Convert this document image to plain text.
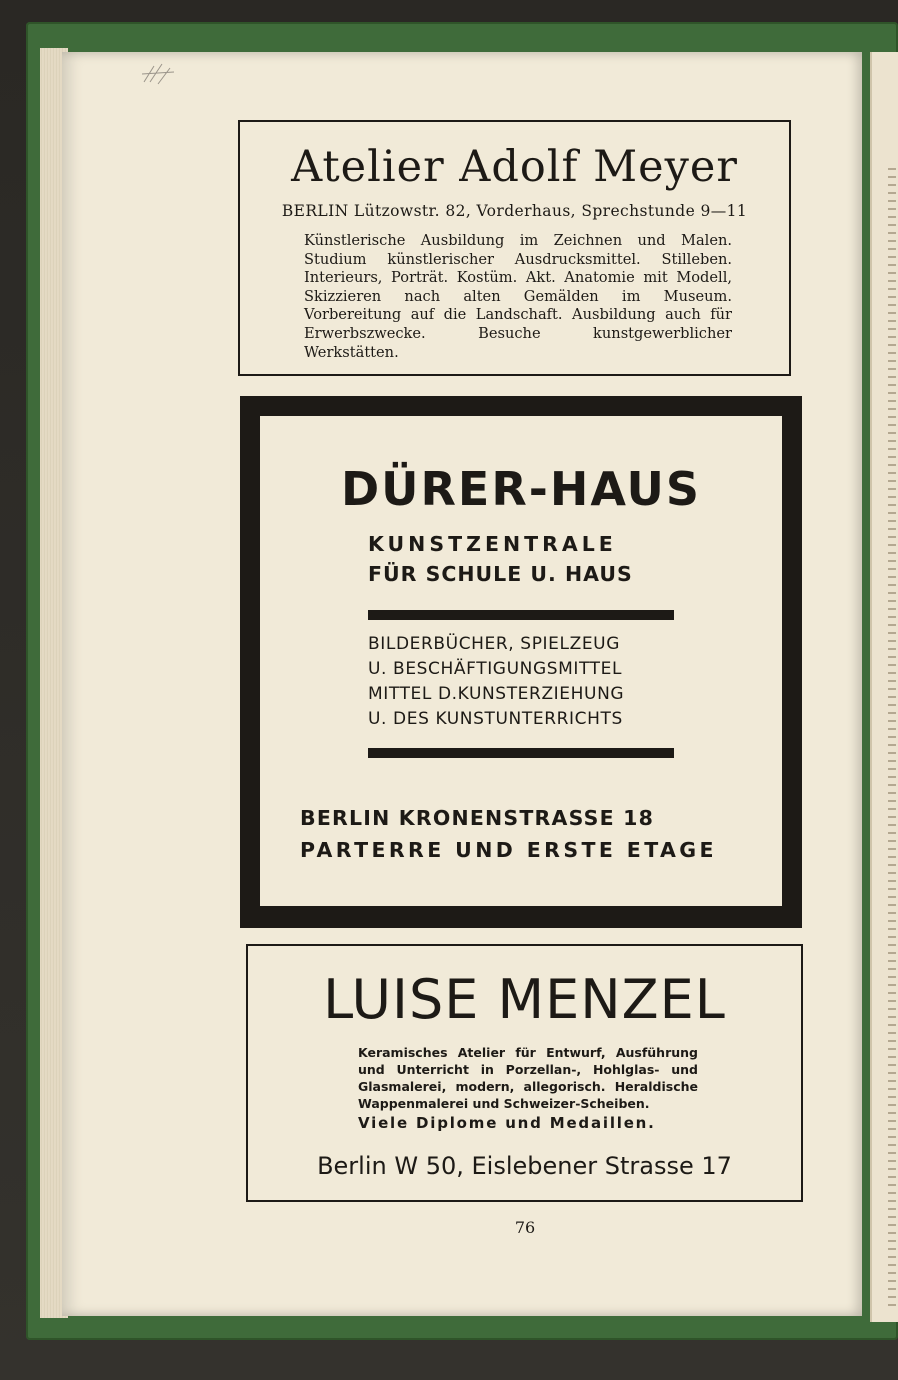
Atelier Adolf Meyer
BERLIN Lützowstr. 82, Vorderhaus, Sprechstunde 9—11
Künstlerische Ausbildung im Zeichnen und Malen. Studium künstlerischer Ausdrucksmittel. Stilleben. Interieurs, Porträt. Kostüm. Akt. Anatomie mit Modell, Skizzieren nach alten Gemälden im Museum. Vorbereitung auf die Landschaft. Ausbildung auch für Erwerbszwecke. Besuche kunstgewerblicher Werkstätten.
DÜRER-HAUS
KUNSTZENTRALE
FÜR SCHULE U. HAUS
BILDERBÜCHER, SPIELZEUG
U. BESCHÄFTIGUNGSMITTEL
MITTEL D.KUNSTERZIEHUNG
U. DES KUNSTUNTERRICHTS
BERLIN KRONENSTRASSE 18
PARTERRE UND ERSTE ETAGE
LUISE MENZEL
Keramisches Atelier für Entwurf, Ausführung und Unterricht in Porzellan-, Hohlglas- und Glasmalerei, modern, allegorisch. Heraldische Wappenmalerei und Schweizer-Scheiben.
Viele Diplome und Medaillen.
Berlin W 50, Eislebener Strasse 17
76
